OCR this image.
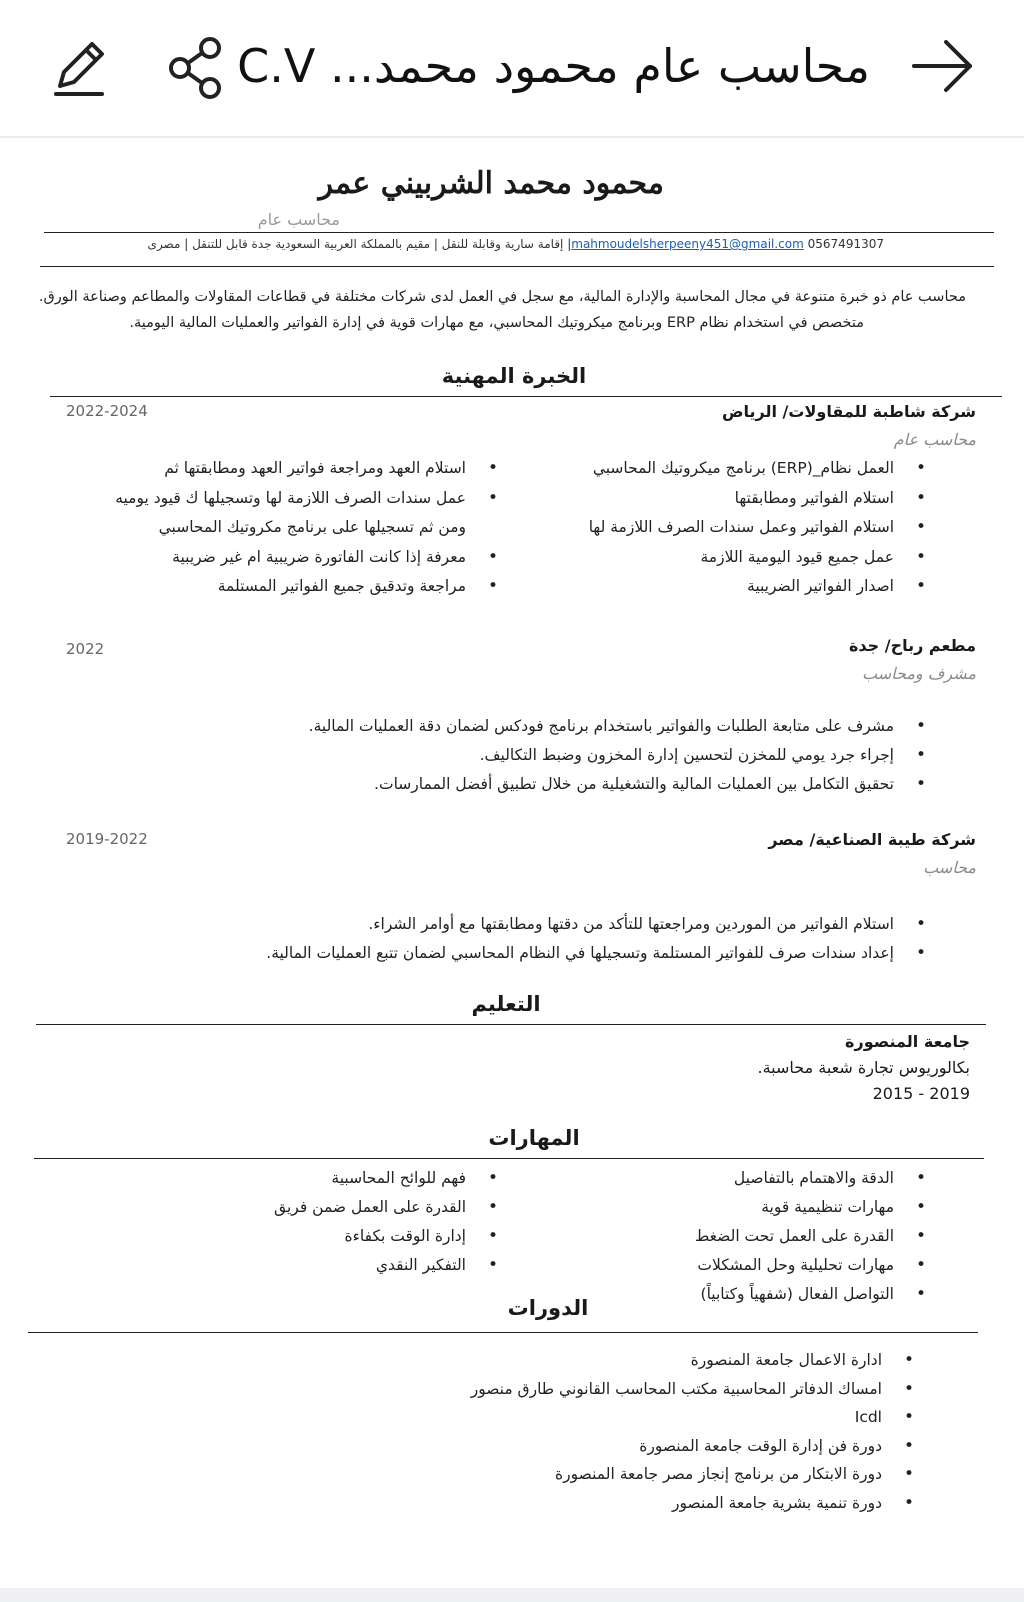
محاسب عام محمود محمد... C.V
محمود محمد الشربيني عمر
محاسب عام
mahmoudelsherpeeny451@gmail.com 0567491307| إقامة سارية وقابلة للنقل | مقيم بالمملكة العربية السعودية جدة قابل للتنقل | مصرى
محاسب عام ذو خبرة متنوعة في مجال المحاسبة والإدارة المالية، مع سجل في العمل لدى شركات مختلفة في قطاعات المقاولات والمطاعم وصناعة الورق.
متخصص في استخدام نظام ERP وبرنامج ميكروتيك المحاسبي، مع مهارات قوية في إدارة الفواتير والعمليات المالية اليومية.
الخبرة المهنية
شركة شاطبة للمقاولات/ الرياض
2022-2024
محاسب عام
• العمل نظام_(ERP) برنامج ميكروتيك المحاسبي
• استلام الفواتير ومطابقتها
• استلام الفواتير وعمل سندات الصرف اللازمة لها
• عمل جميع قيود اليومية اللازمة
• اصدار الفواتير الضريبية
• استلام العهد ومراجعة فواتير العهد ومطابقتها ثم
• عمل سندات الصرف اللازمة لها وتسجيلها ك قيود يوميه
ومن ثم تسجيلها على برنامج مكروتيك المحاسبي
• معرفة إذا كانت الفاتورة ضريبية ام غير ضريبية
• مراجعة وتدقيق جميع الفواتير المستلمة
مطعم رباح/ جدة
2022
مشرف ومحاسب
• مشرف على متابعة الطلبات والفواتير باستخدام برنامج فودكس لضمان دقة العمليات المالية.
• إجراء جرد يومي للمخزن لتحسين إدارة المخزون وضبط التكاليف.
• تحقيق التكامل بين العمليات المالية والتشغيلية من خلال تطبيق أفضل الممارسات.
شركة طيبة الصناعية/ مصر
2019-2022
محاسب
• استلام الفواتير من الموردين ومراجعتها للتأكد من دقتها ومطابقتها مع أوامر الشراء.
• إعداد سندات صرف للفواتير المستلمة وتسجيلها في النظام المحاسبي لضمان تتبع العمليات المالية.
التعليم
جامعة المنصورة
بكالوريوس تجارة شعبة محاسبة.
2015 - 2019
المهارات
• الدقة والاهتمام بالتفاصيل
• مهارات تنظيمية قوية
• القدرة على العمل تحت الضغط
• مهارات تحليلية وحل المشكلات
• التواصل الفعال (شفهياً وكتابياً)
• فهم للوائح المحاسبية
• القدرة على العمل ضمن فريق
• إدارة الوقت بكفاءة
• التفكير النقدي
الدورات
• ادارة الاعمال جامعة المنصورة
• امساك الدفاتر المحاسبية مكتب المحاسب القانوني طارق منصور
• Icdl
• دورة فن إدارة الوقت جامعة المنصورة
• دورة الابتكار من برنامج إنجاز مصر جامعة المنصورة
• دورة تنمية بشرية جامعة المنصور
